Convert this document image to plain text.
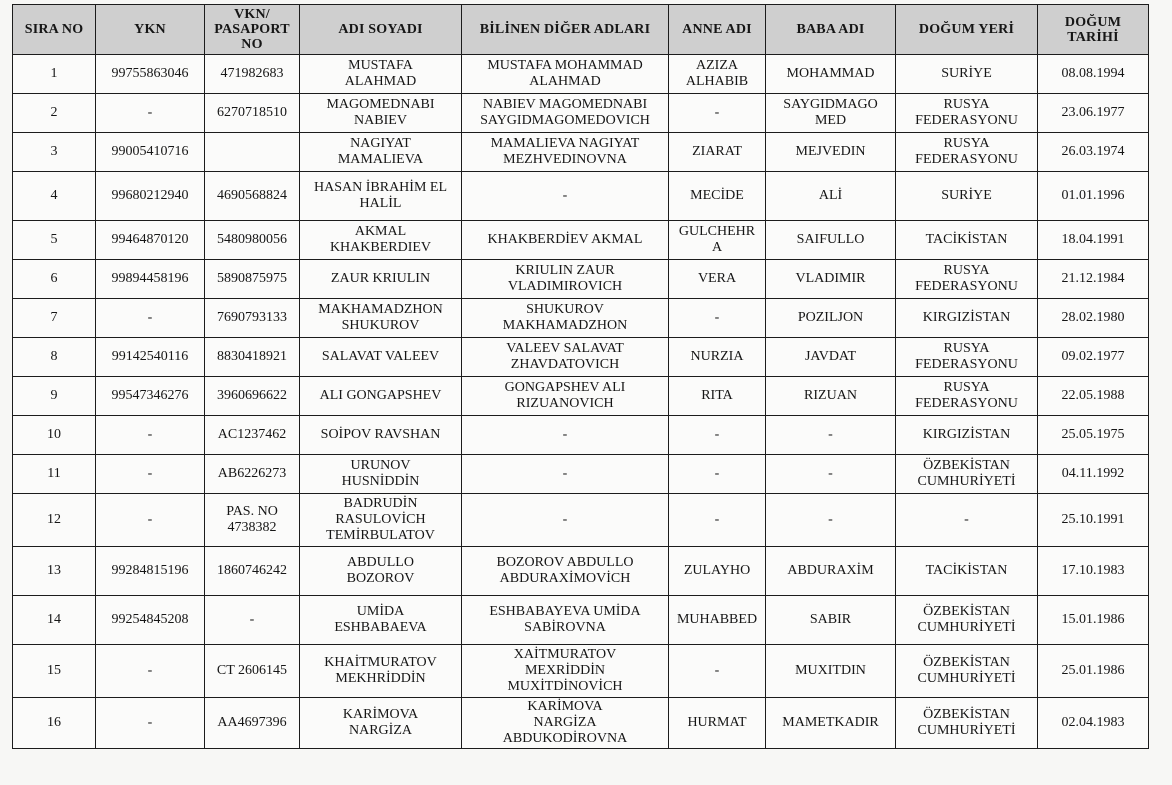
SIRA NO	YKN	VKN/
PASAPORT
NO	ADI SOYADI	BİLİNEN DİĞER ADLARI	ANNE ADI	BABA ADI	DOĞUM YERİ	DOĞUM
TARİHİ
1	99755863046	471982683	MUSTAFA
ALAHMAD	MUSTAFA MOHAMMAD
ALAHMAD	AZIZA
ALHABIB	MOHAMMAD	SURİYE	08.08.1994
2	-	6270718510	MAGOMEDNABI
NABIEV	NABIEV MAGOMEDNABI
SAYGIDMAGOMEDOVICH	-	SAYGIDMAGO
MED	RUSYA
FEDERASYONU	23.06.1977
3	99005410716		NAGIYAT
MAMALIEVA	MAMALIEVA NAGIYAT
MEZHVEDINOVNA	ZIARAT	MEJVEDIN	RUSYA
FEDERASYONU	26.03.1974
4	99680212940	4690568824	HASAN İBRAHİM EL
HALİL	-	MECİDE	ALİ	SURİYE	01.01.1996
5	99464870120	5480980056	AKMAL
KHAKBERDIEV	KHAKBERDİEV AKMAL	GULCHEHR
A	SAIFULLO	TACİKİSTAN	18.04.1991
6	99894458196	5890875975	ZAUR KRIULIN	KRIULIN ZAUR
VLADIMIROVICH	VERA	VLADIMIR	RUSYA
FEDERASYONU	21.12.1984
7	-	7690793133	MAKHAMADZHON
SHUKUROV	SHUKUROV
MAKHAMADZHON	-	POZILJON	KIRGIZİSTAN	28.02.1980
8	99142540116	8830418921	SALAVAT VALEEV	VALEEV SALAVAT
ZHAVDATOVICH	NURZIA	JAVDAT	RUSYA
FEDERASYONU	09.02.1977
9	99547346276	3960696622	ALI GONGAPSHEV	GONGAPSHEV ALI
RIZUANOVICH	RITA	RIZUAN	RUSYA
FEDERASYONU	22.05.1988
10	-	AC1237462	SOİPOV RAVSHAN	-	-	-	KIRGIZİSTAN	25.05.1975
11	-	AB6226273	URUNOV
HUSNİDDİN	-	-	-	ÖZBEKİSTAN
CUMHURİYETİ	04.11.1992
12	-	PAS. NO
4738382	BADRUDİN
RASULOVİCH
TEMİRBULATOV	-	-	-	-	25.10.1991
13	99284815196	1860746242	ABDULLO
BOZOROV	BOZOROV ABDULLO
ABDURAXİMOVİCH	ZULAYHO	ABDURAXİM	TACİKİSTAN	17.10.1983
14	99254845208	-	UMİDA
ESHBABAEVA	ESHBABAYEVA UMİDA
SABİROVNA	MUHABBED	SABIR	ÖZBEKİSTAN
CUMHURİYETİ	15.01.1986
15	-	CT 2606145	KHAİTMURATOV
MEKHRİDDİN	XAİTMURATOV
MEXRİDDİN
MUXİTDİNOVİCH	-	MUXITDIN	ÖZBEKİSTAN
CUMHURİYETİ	25.01.1986
16	-	AA4697396	KARİMOVA
NARGİZA	KARİMOVA
NARGİZA
ABDUKODİROVNA	HURMAT	MAMETKADIR	ÖZBEKİSTAN
CUMHURİYETİ	02.04.1983
